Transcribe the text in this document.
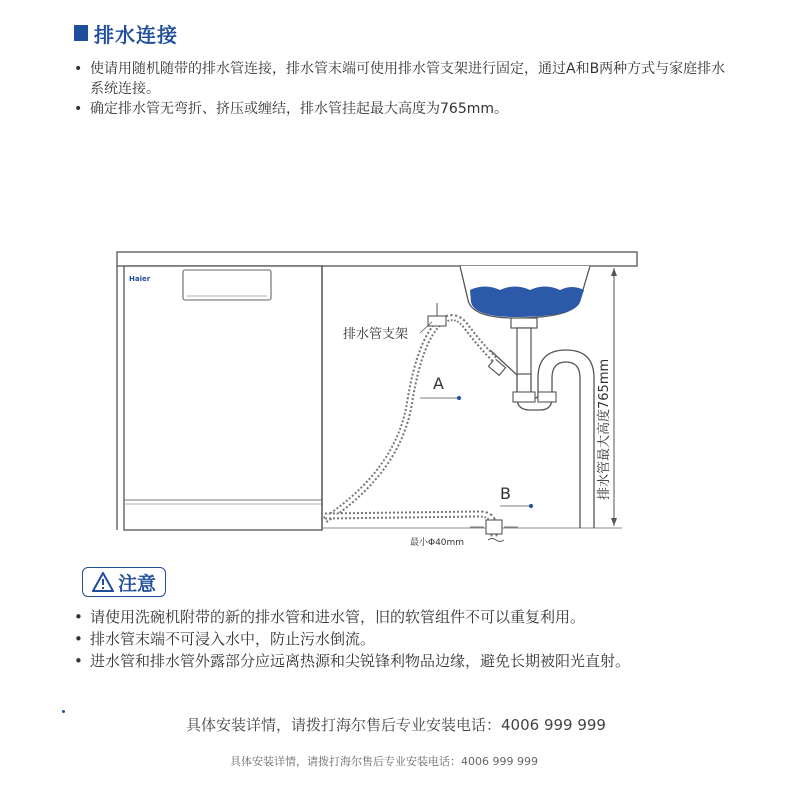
排水连接
• 使请用随机随带的排水管连接，排水管末端可使用排水管支架进行固定，通过A和B两种方式与家庭排水系统连接。
• 确定排水管无弯折、挤压或缠结，排水管挂起最大高度为765mm。
Haier
排水管支架
A
B
最小Φ40mm
排水管最大高度765mm
注意
• 请使用洗碗机附带的新的排水管和进水管，旧的软管组件不可以重复利用。
• 排水管末端不可浸入水中，防止污水倒流。
• 进水管和排水管外露部分应远离热源和尖锐锋利物品边缘，避免长期被阳光直射。
具体安装详情，请拨打海尔售后专业安装电话：4006 999 999
具体安装详情，请拨打海尔售后专业安装电话：4006 999 999
